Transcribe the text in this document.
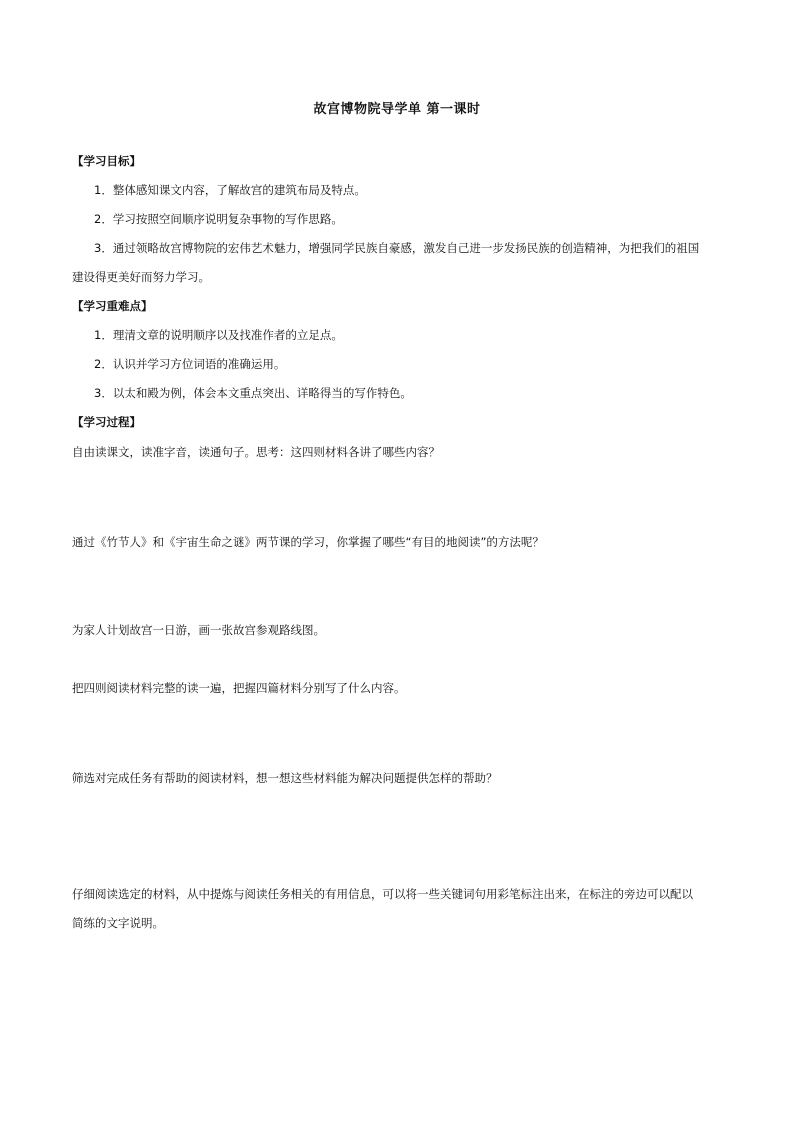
故宫博物院导学单 第一课时
【学习目标】
1．整体感知课文内容，了解故宫的建筑布局及特点。
2．学习按照空间顺序说明复杂事物的写作思路。
3．通过领略故宫博物院的宏伟艺术魅力，增强同学民族自豪感，激发自己进一步发扬民族的创造精神，为把我们的祖国
建设得更美好而努力学习。
【学习重难点】
1．理清文章的说明顺序以及找准作者的立足点。
2．认识并学习方位词语的准确运用。
3．以太和殿为例，体会本文重点突出、详略得当的写作特色。
【学习过程】
自由读课文，读准字音，读通句子。思考：这四则材料各讲了哪些内容？
通过《竹节人》和《宇宙生命之谜》两节课的学习，你掌握了哪些“有目的地阅读”的方法呢？
为家人计划故宫一日游，画一张故宫参观路线图。
把四则阅读材料完整的读一遍，把握四篇材料分别写了什么内容。
筛选对完成任务有帮助的阅读材料，想一想这些材料能为解决问题提供怎样的帮助？
仔细阅读选定的材料，从中提炼与阅读任务相关的有用信息，可以将一些关键词句用彩笔标注出来，在标注的旁边可以配以
简练的文字说明。
